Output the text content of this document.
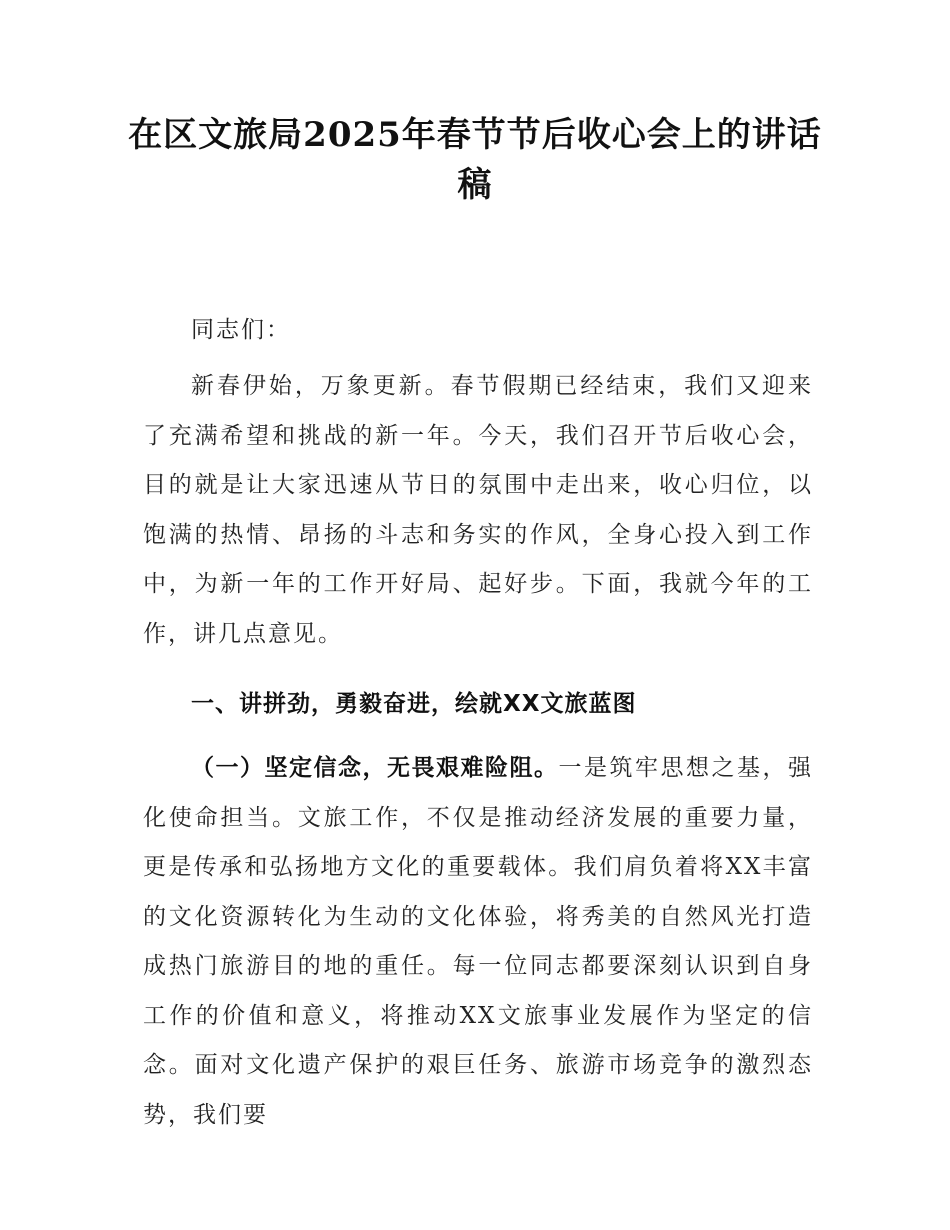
在区文旅局2025年春节节后收心会上的讲话稿

同志们：

新春伊始，万象更新。春节假期已经结束，我们又迎来了充满希望和挑战的新一年。今天，我们召开节后收心会，目的就是让大家迅速从节日的氛围中走出来，收心归位，以饱满的热情、昂扬的斗志和务实的作风，全身心投入到工作中，为新一年的工作开好局、起好步。下面，我就今年的工作，讲几点意见。

一、讲拼劲，勇毅奋进，绘就XX文旅蓝图

（一）坚定信念，无畏艰难险阻。一是筑牢思想之基，强化使命担当。文旅工作，不仅是推动经济发展的重要力量，更是传承和弘扬地方文化的重要载体。我们肩负着将XX丰富的文化资源转化为生动的文化体验，将秀美的自然风光打造成热门旅游目的地的重任。每一位同志都要深刻认识到自身工作的价值和意义，将推动XX文旅事业发展作为坚定的信念。面对文化遗产保护的艰巨任务、旅游市场竞争的激烈态势，我们要
